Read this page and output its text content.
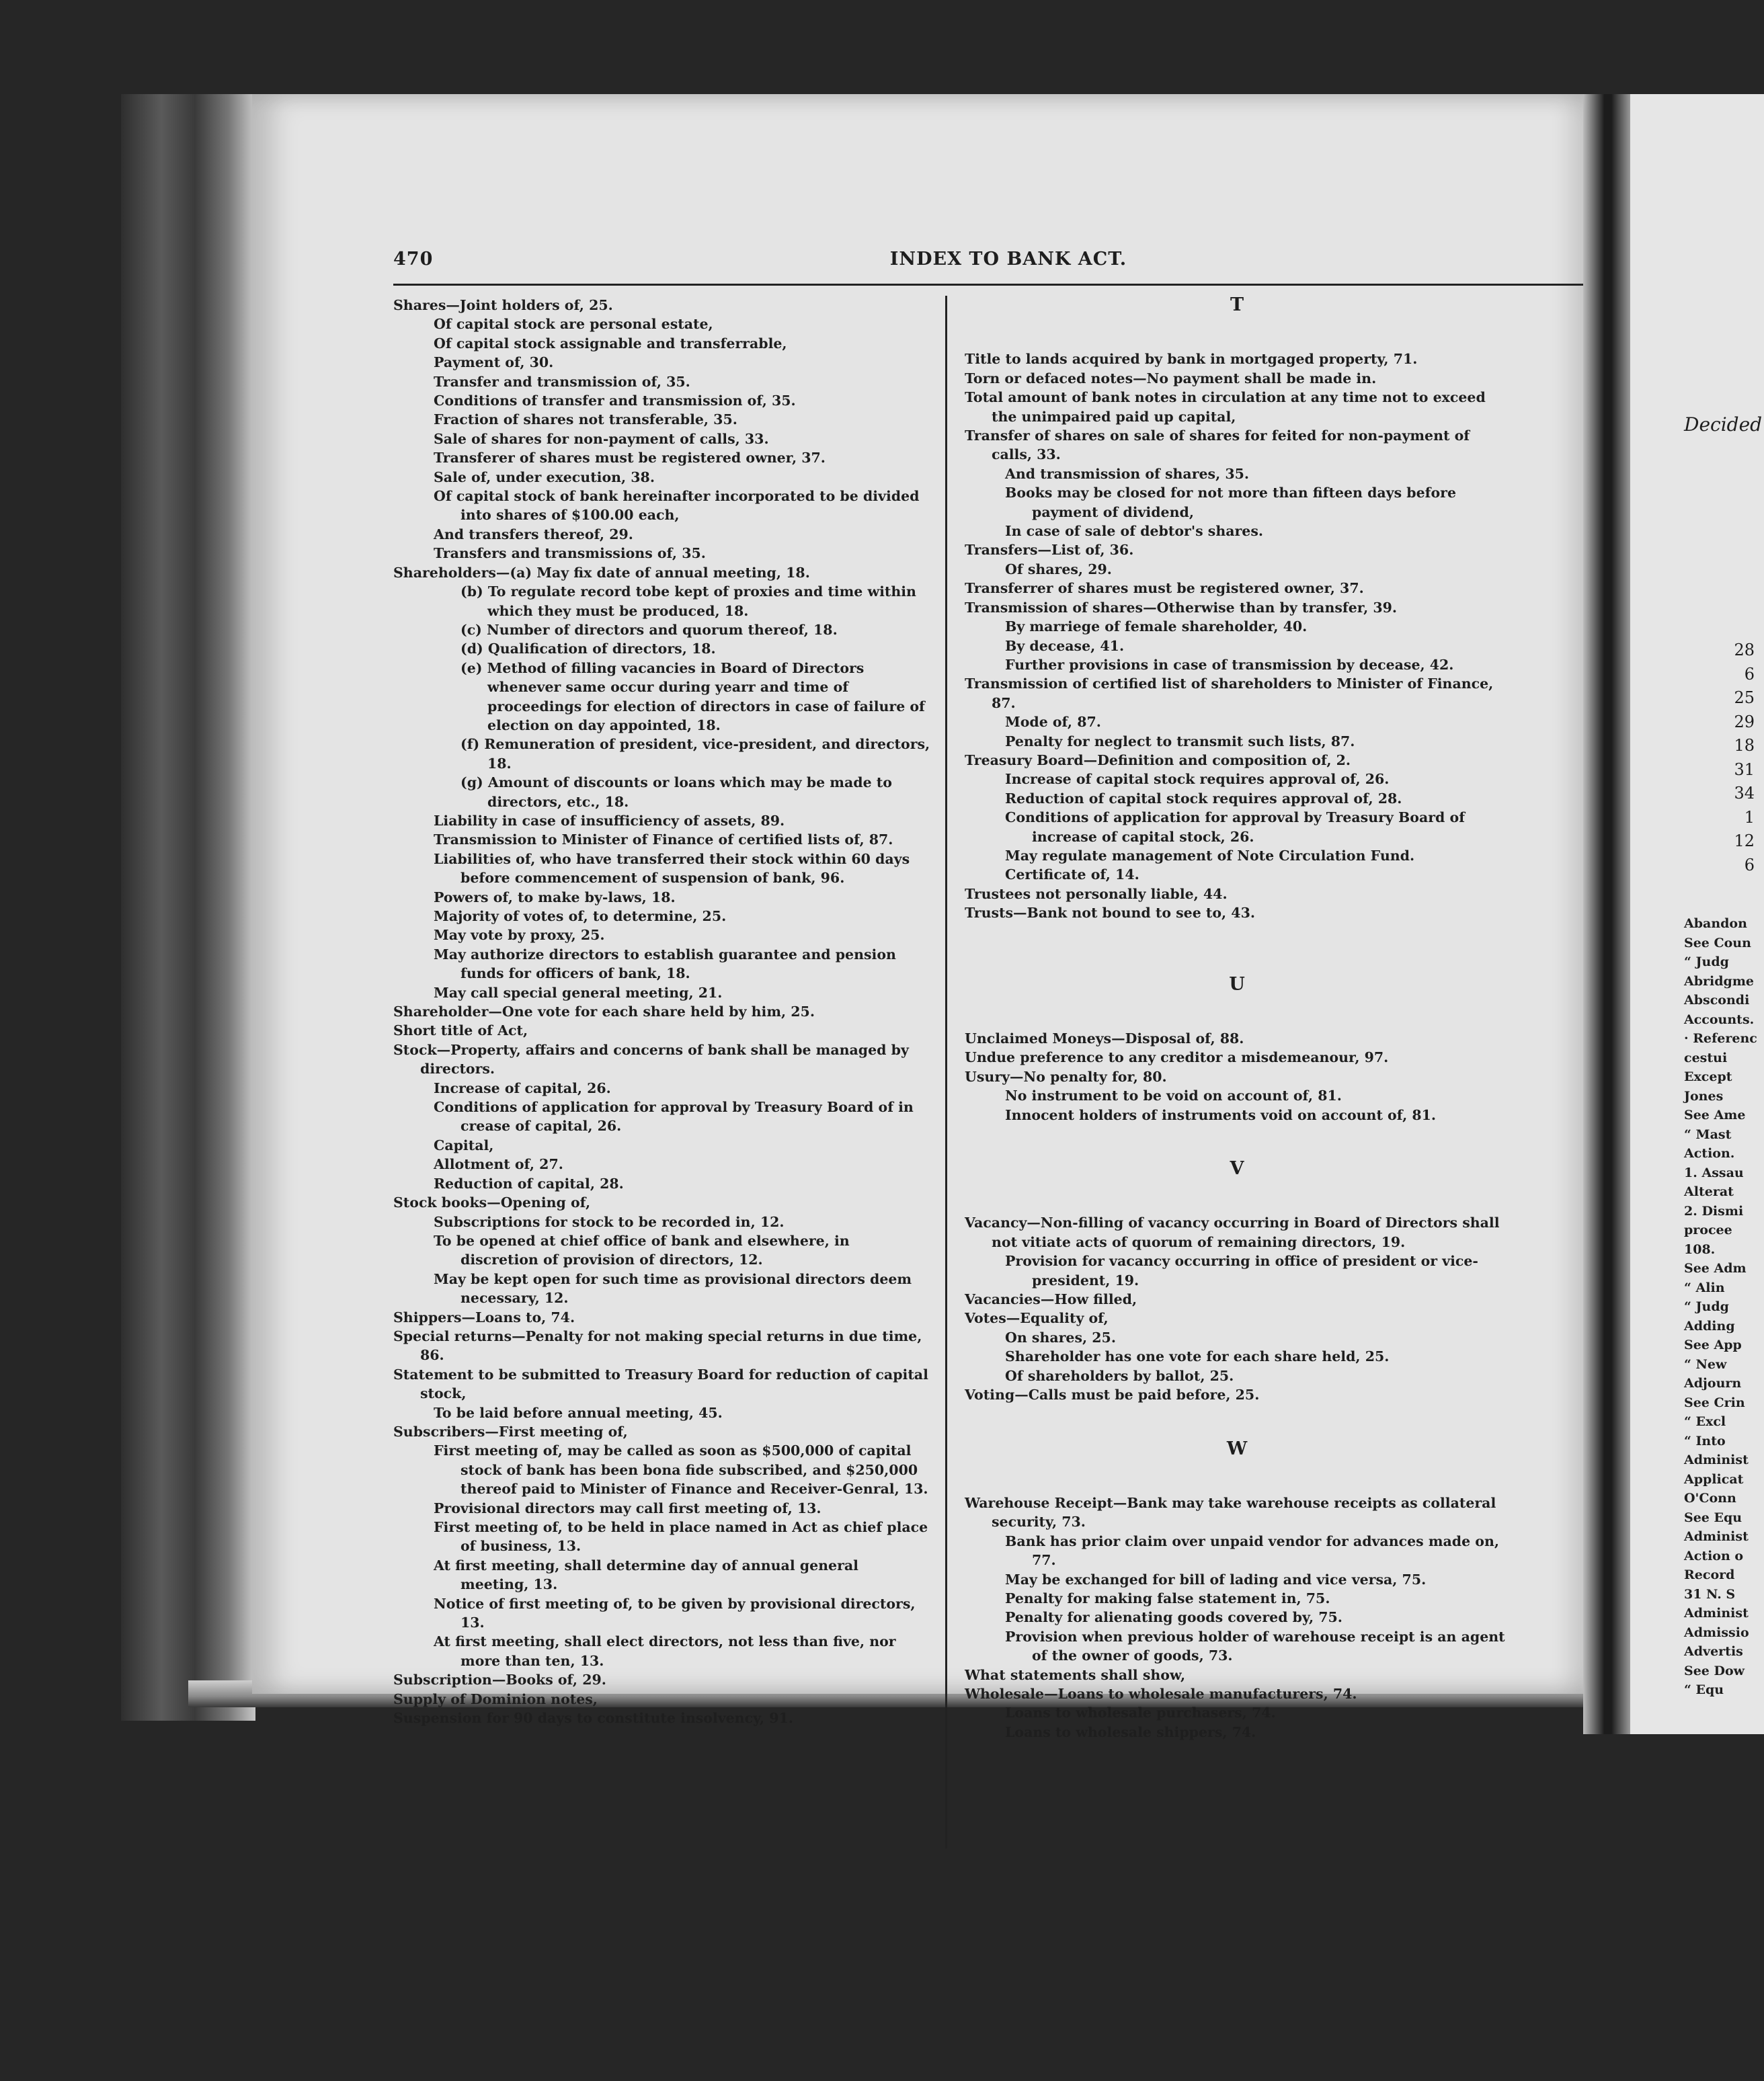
470	INDEX TO BANK ACT.
Shares—Joint holders of, 25.
Of capital stock are personal estate,
Of capital stock assignable and transferrable,
Payment of, 30.
Transfer and transmission of, 35.
Conditions of transfer and transmission of, 35.
Fraction of shares not transferable, 35.
Sale of shares for non-payment of calls, 33.
Transferer of shares must be registered owner, 37.
Sale of, under execution, 38.
Of capital stock of bank hereinafter incorporated to be divided into shares of $100.00 each,
And transfers thereof, 29.
Transfers and transmissions of, 35.
Shareholders—(a) May fix date of annual meeting, 18.
(b) To regulate record tobe kept of proxies and time within which they must be produced, 18.
(c) Number of directors and quorum thereof, 18.
(d) Qualification of directors, 18.
(e) Method of filling vacancies in Board of Directors whenever same occur during yearr and time of proceedings for election of directors in case of failure of election on day appointed, 18.
(f) Remuneration of president, vice-president, and directors, 18.
(g) Amount of discounts or loans which may be made to directors, etc., 18.
Liability in case of insufficiency of assets, 89.
Transmission to Minister of Finance of certified lists of, 87.
Liabilities of, who have transferred their stock within 60 days before commencement of suspension of bank, 96.
Powers of, to make by-laws, 18.
Majority of votes of, to determine, 25.
May vote by proxy, 25.
May authorize directors to establish guarantee and pension funds for officers of bank, 18.
May call special general meeting, 21.
Shareholder—One vote for each share held by him, 25.
Short title of Act,
Stock—Property, affairs and concerns of bank shall be managed by directors.
Increase of capital, 26.
Conditions of application for approval by Treasury Board of in crease of capital, 26.
Capital,
Allotment of, 27.
Reduction of capital, 28.
Stock books—Opening of,
Subscriptions for stock to be recorded in, 12.
To be opened at chief office of bank and elsewhere, in discretion of provision of directors, 12.
May be kept open for such time as provisional directors deem necessary, 12.
Shippers—Loans to, 74.
Special returns—Penalty for not making special returns in due time, 86.
Statement to be submitted to Treasury Board for reduction of capital stock,
To be laid before annual meeting, 45.
Subscribers—First meeting of,
First meeting of, may be called as soon as $500,000 of capital stock of bank has been bona fide subscribed, and $250,000 thereof paid to Minister of Finance and Receiver-Genral, 13.
Provisional directors may call first meeting of, 13.
First meeting of, to be held in place named in Act as chief place of business, 13.
At first meeting, shall determine day of annual general meeting, 13.
Notice of first meeting of, to be given by provisional directors, 13.
At first meeting, shall elect directors, not less than five, nor more than ten, 13.
Subscription—Books of, 29.
Supply of Dominion notes,
Suspension for 90 days to constitute insolvency, 91.
T
Title to lands acquired by bank in mortgaged property, 71.
Torn or defaced notes—No payment shall be made in.
Total amount of bank notes in circulation at any time not to exceed the unimpaired paid up capital,
Transfer of shares on sale of shares for feited for non-payment of calls, 33.
And transmission of shares, 35.
Books may be closed for not more than fifteen days before payment of dividend,
In case of sale of debtor's shares.
Transfers—List of, 36.
Of shares, 29.
Transferrer of shares must be registered owner, 37.
Transmission of shares—Otherwise than by transfer, 39.
By marriege of female shareholder, 40.
By decease, 41.
Further provisions in case of transmission by decease, 42.
Transmission of certified list of shareholders to Minister of Finance, 87.
Mode of, 87.
Penalty for neglect to transmit such lists, 87.
Treasury Board—Definition and composition of, 2.
Increase of capital stock requires approval of, 26.
Reduction of capital stock requires approval of, 28.
Conditions of application for approval by Treasury Board of increase of capital stock, 26.
May regulate management of Note Circulation Fund.
Certificate of, 14.
Trustees not personally liable, 44.
Trusts—Bank not bound to see to, 43.
U
Unclaimed Moneys—Disposal of, 88.
Undue preference to any creditor a misdemeanour, 97.
Usury—No penalty for, 80.
No instrument to be void on account of, 81.
Innocent holders of instruments void on account of, 81.
V
Vacancy—Non-filling of vacancy occurring in Board of Directors shall not vitiate acts of quorum of remaining directors, 19.
Provision for vacancy occurring in office of president or vice-president, 19.
Vacancies—How filled,
Votes—Equality of,
On shares, 25.
Shareholder has one vote for each share held, 25.
Of shareholders by ballot, 25.
Voting—Calls must be paid before, 25.
W
Warehouse Receipt—Bank may take warehouse receipts as collateral security, 73.
Bank has prior claim over unpaid vendor for advances made on, 77.
May be exchanged for bill of lading and vice versa, 75.
Penalty for making false statement in, 75.
Penalty for alienating goods covered by, 75.
Provision when previous holder of warehouse receipt is an agent of the owner of goods, 73.
What statements shall show,
Wholesale—Loans to wholesale manufacturers, 74.
Loans to wholesale purchasers, 74.
Loans to wholesale shippers, 74.
Decided
28
6
25
29
18
31
34
1
12
6
Abandon
See Coun
“ Judg
Abridgme
Abscondi
Accounts.
· Referenc
cestui
Except
Jones
See Ame
“ Mast
Action.
1. Assau
Alterat
2. Dismi
procee
108.
See Adm
“ Alin
“ Judg
Adding
See App
“ New
Adjourn
See Crin
“ Excl
“ Into
Administ
Applicat
O'Conn
See Equ
Administ
Action o
Record
31 N. S
Administ
Admissio
Advertis
See Dow
“ Equ
